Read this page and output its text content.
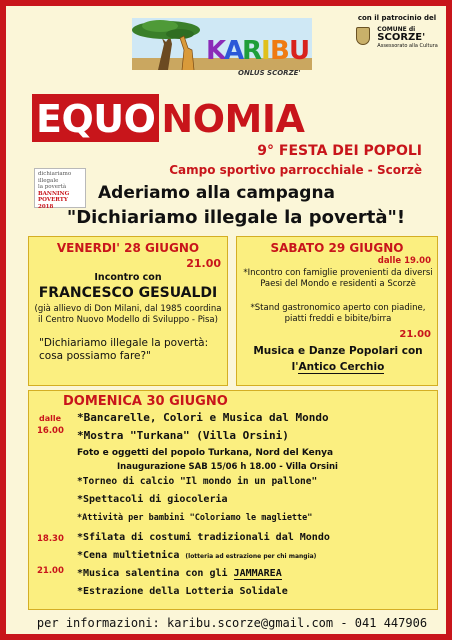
K
A
R
I B U
ONLUS SCORZE'
con il patrocinio del

COMUNE di
SCORZE'
Assessorato alla Cultura
EQUO NOMIA
9° FESTA DEI POPOLI
Campo sportivo parrocchiale - Scorzè
dichiariamo
illegale
la povertà
BANNING
POVERTY 2018
Aderiamo alla campagna
"Dichiariamo illegale la povertà"!
VENERDI' 28 GIUGNO
21.00
Incontro con
FRANCESCO GESUALDI
(già allievo di Don Milani, dal 1985 coordina il Centro Nuovo Modello di Sviluppo - Pisa)
"Dichiariamo illegale la povertà: cosa possiamo fare?"
SABATO 29 GIUGNO
dalle 19.00
*Incontro con famiglie provenienti da diversi Paesi del Mondo e residenti a Scorzè
*Stand gastronomico aperto con piadine, piatti freddi e bibite/birra
21.00
Musica e Danze Popolari con l'Antico Cerchio
DOMENICA 30 GIUGNO
dalle
16.00
18.30
21.00
*Bancarelle, Colori e Musica dal Mondo
*Mostra "Turkana" (Villa Orsini)
Foto e oggetti del popolo Turkana, Nord del Kenya
Inaugurazione SAB 15/06 h 18.00 - Villa Orsini
*Torneo di calcio "Il mondo in un pallone"
*Spettacoli di giocoleria
*Attività per bambini "Coloriamo le magliette"
*Sfilata di costumi tradizionali dal Mondo
*Cena multietnica (lotteria ad estrazione per chi mangia)
*Musica salentina con gli JAMMAREA
*Estrazione della Lotteria Solidale
per informazioni: karibu.scorze@gmail.com - 041 447906
